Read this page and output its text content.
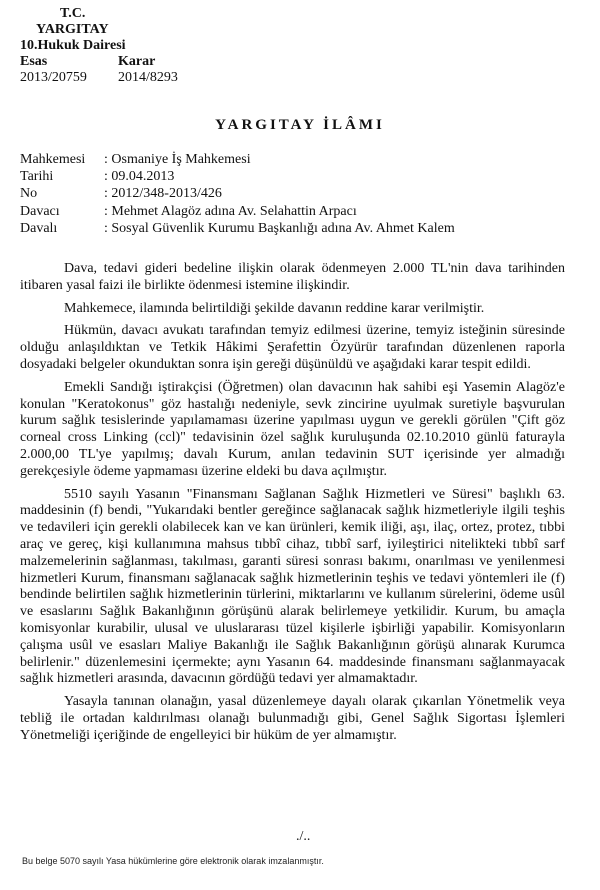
T.C.
YARGITAY
10.Hukuk Dairesi
Esas	Karar
2013/20759 2014/8293
YARGITAY İLÂMI
Mahkemesi	: Osmaniye İş Mahkemesi
Tarihi	: 09.04.2013
No	: 2012/348-2013/426
Davacı	: Mehmet Alagöz adına Av. Selahattin Arpacı
Davalı	: Sosyal Güvenlik Kurumu Başkanlığı adına Av. Ahmet Kalem

Dava, tedavi gideri bedeline ilişkin olarak ödenmeyen 2.000 TL'nin dava tarihinden itibaren yasal faizi ile birlikte ödenmesi istemine ilişkindir.

Mahkemece, ilamında belirtildiği şekilde davanın reddine karar verilmiştir.

Hükmün, davacı avukatı tarafından temyiz edilmesi üzerine, temyiz isteğinin süresinde olduğu anlaşıldıktan ve Tetkik Hâkimi Şerafettin Özyürür tarafından düzenlenen raporla dosyadaki belgeler okunduktan sonra işin gereği düşünüldü ve aşağıdaki karar tespit edildi.

Emekli Sandığı iştirakçisi (Öğretmen) olan davacının hak sahibi eşi Yasemin Alagöz'e konulan "Keratokonus" göz hastalığı nedeniyle, sevk zincirine uyulmak suretiyle başvurulan kurum sağlık tesislerinde yapılamaması üzerine yapılması uygun ve gerekli görülen "Çift göz corneal cross Linking (ccl)" tedavisinin özel sağlık kuruluşunda 02.10.2010 günlü faturayla 2.000,00 TL'ye yapılmış; davalı Kurum, anılan tedavinin SUT içerisinde yer almadığı gerekçesiyle ödeme yapmaması üzerine eldeki bu dava açılmıştır.

5510 sayılı Yasanın "Finansmanı Sağlanan Sağlık Hizmetleri ve Süresi" başlıklı 63. maddesinin (f) bendi, "Yukarıdaki bentler gereğince sağlanacak sağlık hizmetleriyle ilgili teşhis ve tedavileri için gerekli olabilecek kan ve kan ürünleri, kemik iliği, aşı, ilaç, ortez, protez, tıbbi araç ve gereç, kişi kullanımına mahsus tıbbî cihaz, tıbbî sarf, iyileştirici nitelikteki tıbbî sarf malzemelerinin sağlanması, takılması, garanti süresi sonrası bakımı, onarılması ve yenilenmesi hizmetleri Kurum, finansmanı sağlanacak sağlık hizmetlerinin teşhis ve tedavi yöntemleri ile (f) bendinde belirtilen sağlık hizmetlerinin türlerini, miktarlarını ve kullanım sürelerini, ödeme usûl ve esaslarını Sağlık Bakanlığının görüşünü alarak belirlemeye yetkilidir. Kurum, bu amaçla komisyonlar kurabilir, ulusal ve uluslararası tüzel kişilerle işbirliği yapabilir. Komisyonların çalışma usûl ve esasları Maliye Bakanlığı ile Sağlık Bakanlığının görüşü alınarak Kurumca belirlenir." düzenlemesini içermekte; aynı Yasanın 64. maddesinde finansmanı sağlanmayacak sağlık hizmetleri arasında, davacının gördüğü tedavi yer almamaktadır.

Yasayla tanınan olanağın, yasal düzenlemeye dayalı olarak çıkarılan Yönetmelik veya tebliğ ile ortadan kaldırılması olanağı bulunmadığı gibi, Genel Sağlık Sigortası İşlemleri Yönetmeliği içeriğinde de engelleyici bir hüküm de yer almamıştır.

./..
Bu belge 5070 sayılı Yasa hükümlerine göre elektronik olarak imzalanmıştır.
